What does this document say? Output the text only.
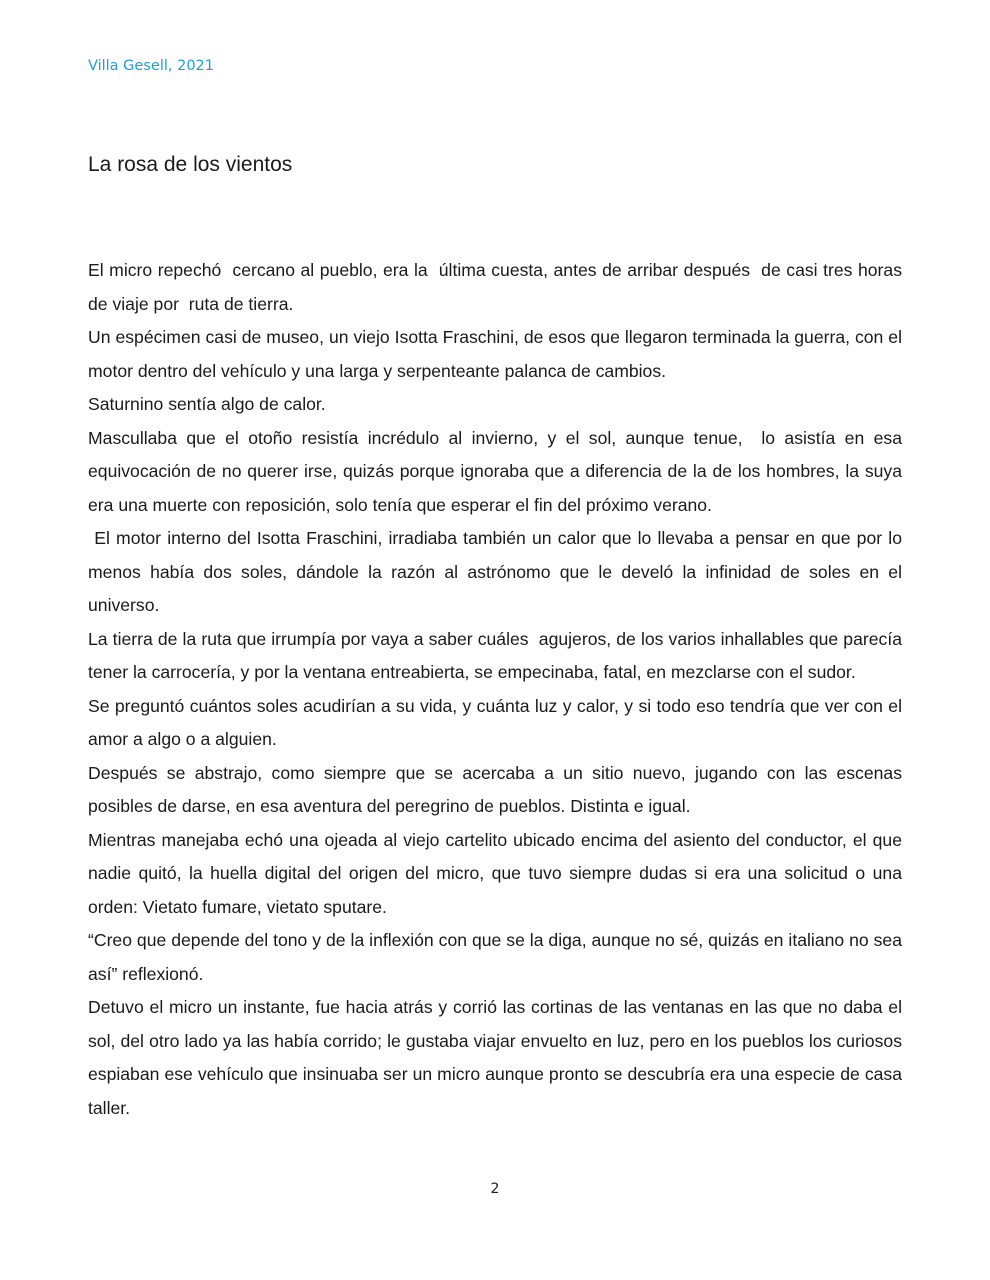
Villa Gesell, 2021
La rosa de los vientos

El micro repechó  cercano al pueblo, era la  última cuesta, antes de arribar después  de casi tres horas de viaje por  ruta de tierra.

Un espécimen casi de museo, un viejo Isotta Fraschini, de esos que llegaron terminada la guerra, con el motor dentro del vehículo y una larga y serpenteante palanca de cambios.

Saturnino sentía algo de calor.

Mascullaba que el otoño resistía incrédulo al invierno, y el sol, aunque tenue,  lo asistía en esa equivocación de no querer irse, quizás porque ignoraba que a diferencia de la de los hombres, la suya era una muerte con reposición, solo tenía que esperar el fin del próximo verano.

El motor interno del Isotta Fraschini, irradiaba también un calor que lo llevaba a pensar en que por lo menos había dos soles, dándole la razón al astrónomo que le develó la infinidad de soles en el universo.

La tierra de la ruta que irrumpía por vaya a saber cuáles  agujeros, de los varios inhallables que parecía tener la carrocería, y por la ventana entreabierta, se empecinaba, fatal, en mezclarse con el sudor.

Se preguntó cuántos soles acudirían a su vida, y cuánta luz y calor, y si todo eso tendría que ver con el amor a algo o a alguien.

Después se abstrajo, como siempre que se acercaba a un sitio nuevo, jugando con las escenas posibles de darse, en esa aventura del peregrino de pueblos. Distinta e igual.

Mientras manejaba echó una ojeada al viejo cartelito ubicado encima del asiento del conductor, el que nadie quitó, la huella digital del origen del micro, que tuvo siempre dudas si era una solicitud o una orden: Vietato fumare, vietato sputare.

“Creo que depende del tono y de la inflexión con que se la diga, aunque no sé, quizás en italiano no sea así” reflexionó.

Detuvo el micro un instante, fue hacia atrás y corrió las cortinas de las ventanas en las que no daba el sol, del otro lado ya las había corrido; le gustaba viajar envuelto en luz, pero en los pueblos los curiosos espiaban ese vehículo que insinuaba ser un micro aunque pronto se descubría era una especie de casa taller.

2
